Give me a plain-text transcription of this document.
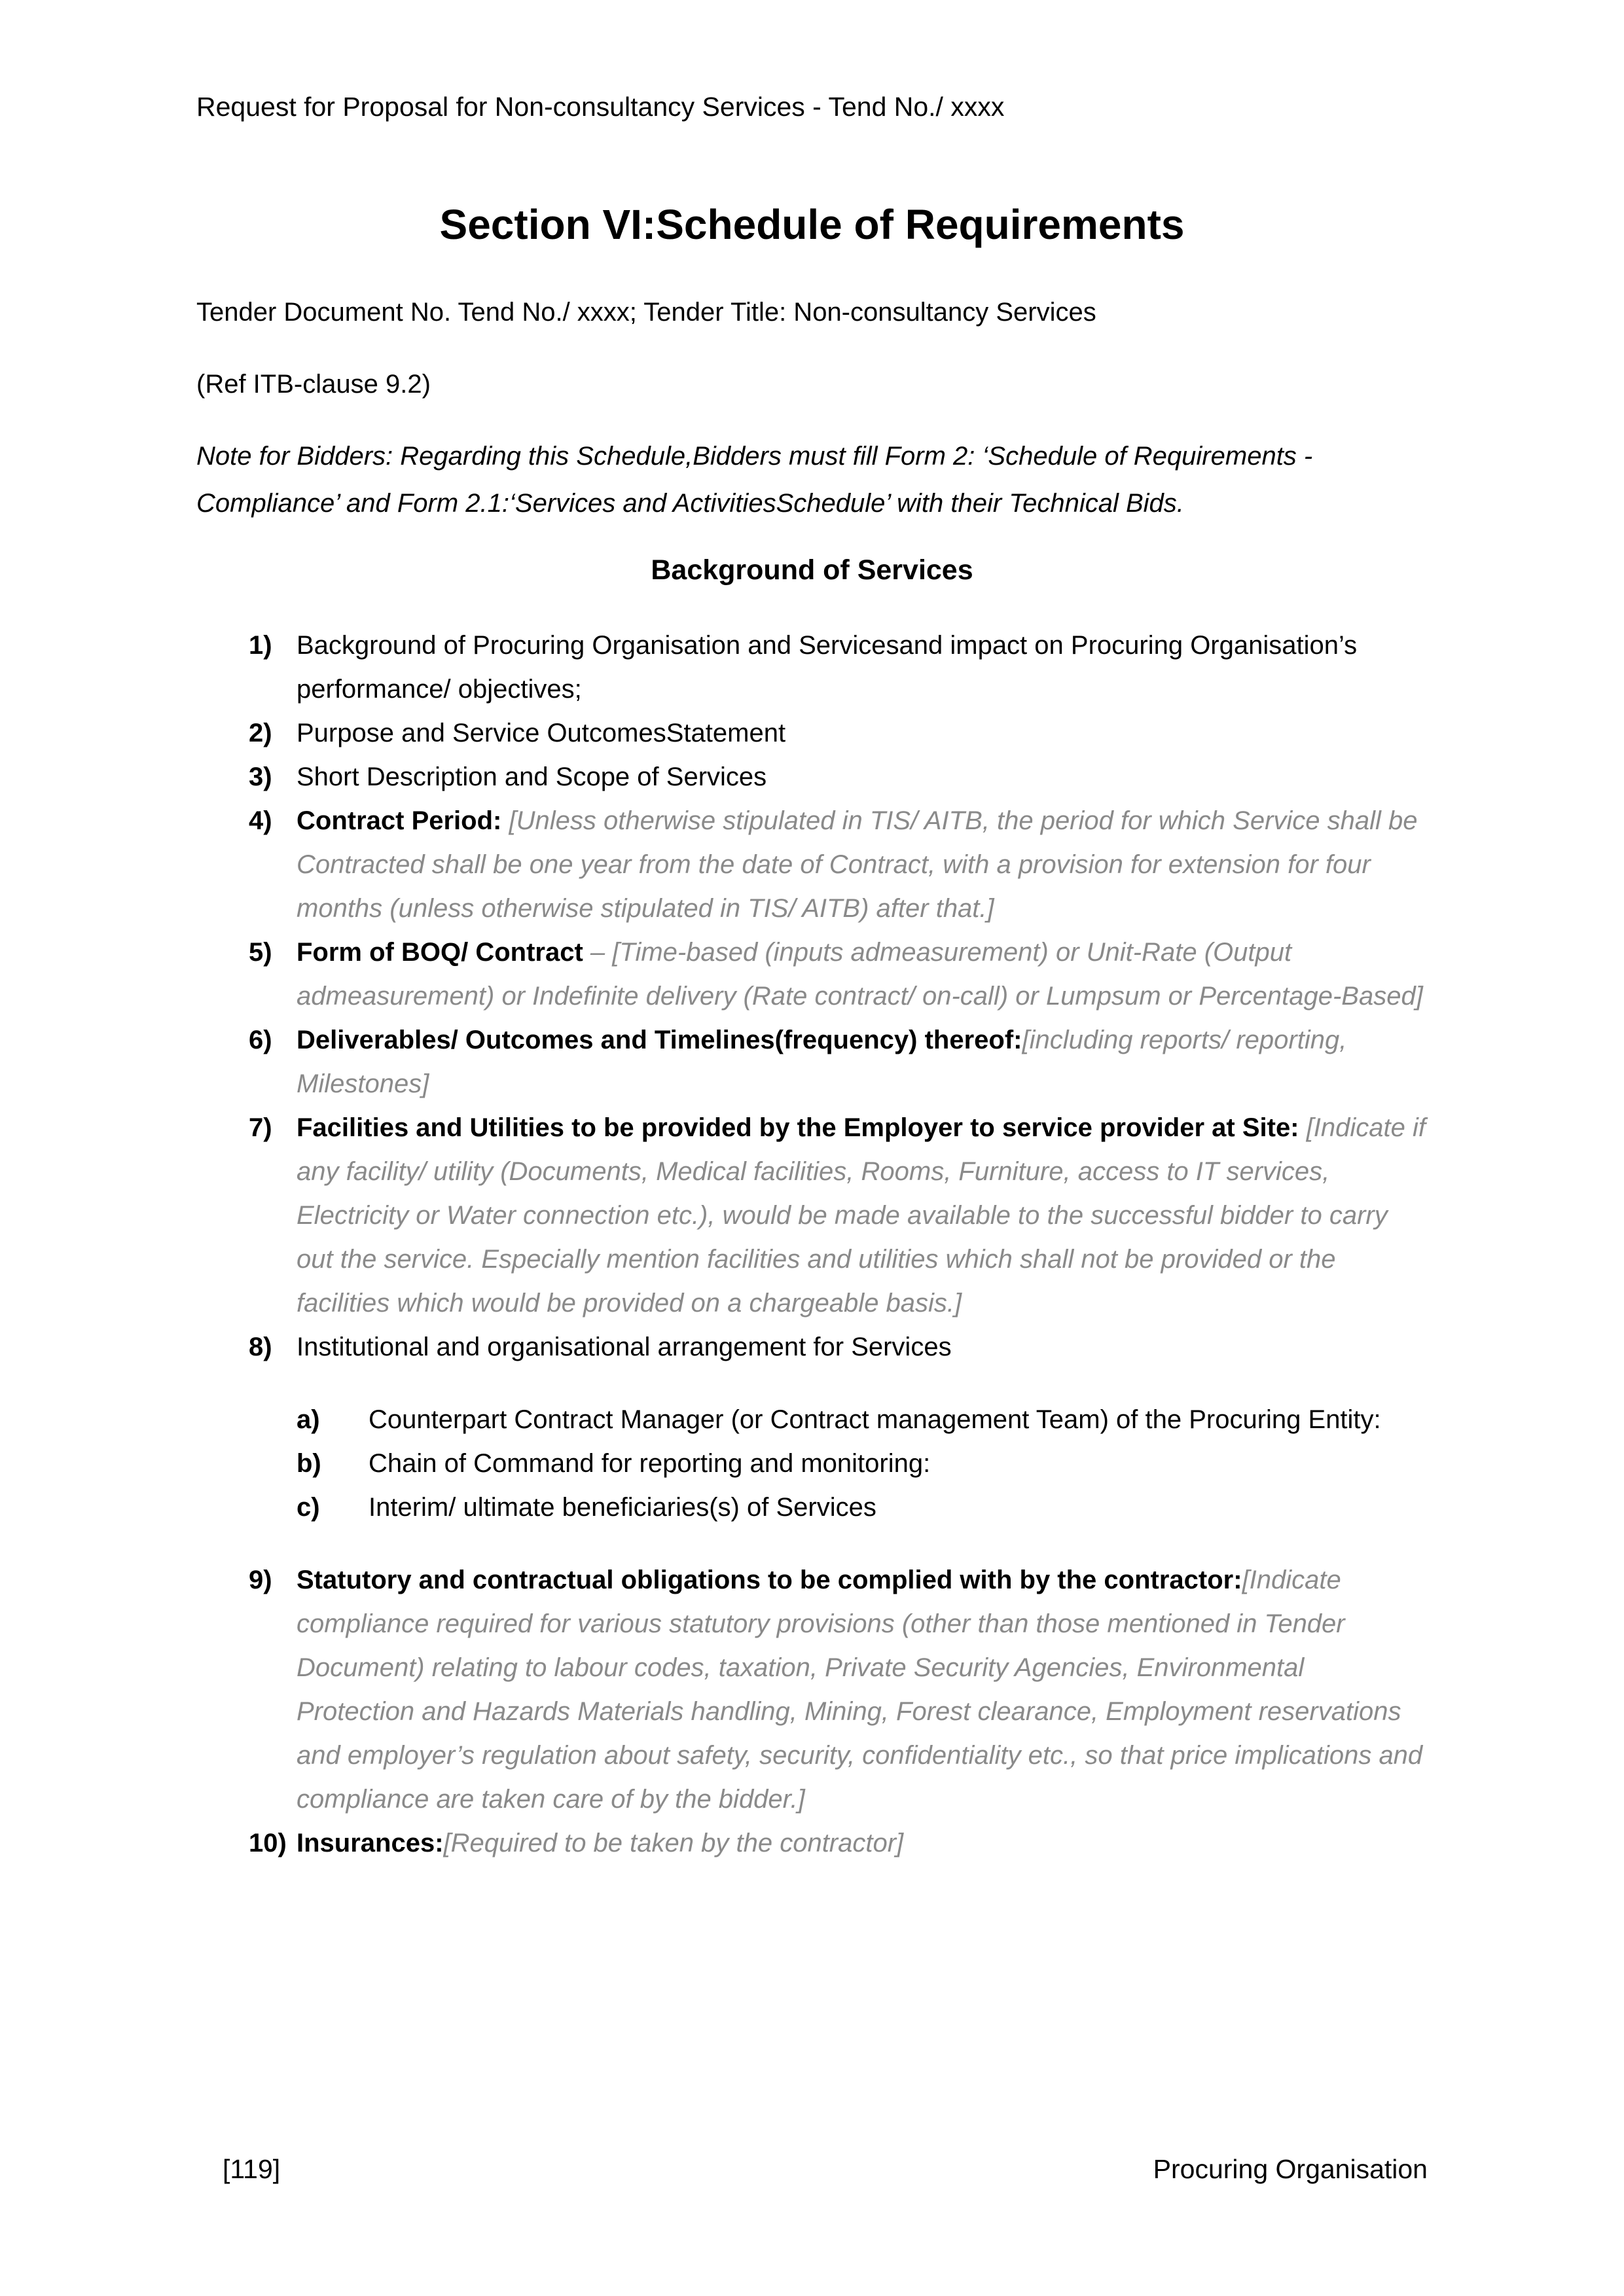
Request for Proposal for Non-consultancy Services - Tend No./ xxxx
Section VI:Schedule of Requirements

Tender Document No. Tend No./ xxxx; Tender Title: Non-consultancy Services

(Ref ITB-clause 9.2)

Note for Bidders: Regarding this Schedule,Bidders must fill Form 2: ‘Schedule of Requirements - Compliance’ and Form 2.1:‘Services and ActivitiesSchedule’ with their Technical Bids.

Background of Services
1) Background of Procuring Organisation and Servicesand impact on Procuring Organisation’s performance/ objectives;
2) Purpose and Service OutcomesStatement
3) Short Description and Scope of Services
4) Contract Period: [Unless otherwise stipulated in TIS/ AITB, the period for which Service shall be Contracted shall be one year from the date of Contract, with a provision for extension for four months (unless otherwise stipulated in TIS/ AITB) after that.]
5) Form of BOQ/ Contract – [Time-based (inputs admeasurement) or Unit-Rate (Output admeasurement) or Indefinite delivery (Rate contract/ on-call) or Lumpsum or Percentage-Based]
6) Deliverables/ Outcomes and Timelines(frequency) thereof:[including reports/ reporting, Milestones]
7) Facilities and Utilities to be provided by the Employer to service provider at Site: [Indicate if any facility/ utility (Documents, Medical facilities, Rooms, Furniture, access to IT services, Electricity or Water connection etc.), would be made available to the successful bidder to carry out the service. Especially mention facilities and utilities which shall not be provided or the facilities which would be provided on a chargeable basis.]
8) Institutional and organisational arrangement for Services
a)	Counterpart Contract Manager (or Contract management Team) of the Procuring Entity:
b)	Chain of Command for reporting and monitoring:
c)	Interim/ ultimate beneficiaries(s) of Services
9) Statutory and contractual obligations to be complied with by the contractor:[Indicate compliance required for various statutory provisions (other than those mentioned in Tender Document) relating to labour codes, taxation, Private Security Agencies, Environmental Protection and Hazards Materials handling, Mining, Forest clearance, Employment reservations and employer’s regulation about safety, security, confidentiality etc., so that price implications and compliance are taken care of by the bidder.]
10) Insurances:[Required to be taken by the contractor]
[119]	Procuring Organisation
